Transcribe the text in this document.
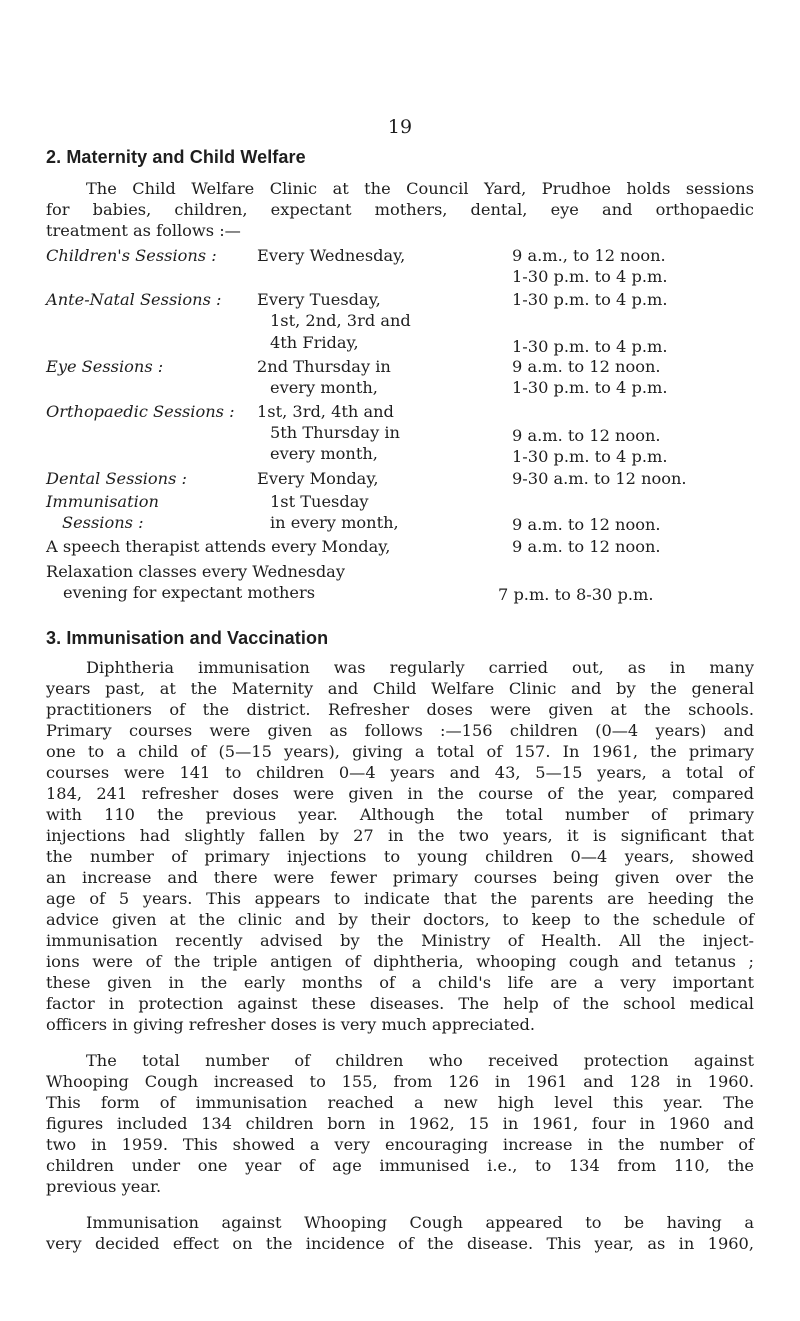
19
2. Maternity and Child Welfare
The Child Welfare Clinic at the Council Yard, Prudhoe holds sessions
for babies, children, expectant mothers, dental, eye and orthopaedic
treatment as follows :—
Children's Sessions : Every Wednesday,	9 a.m., to 12 noon.
1-30 p.m. to 4 p.m.
Ante-Natal Sessions : Every Tuesday,	1-30 p.m. to 4 p.m.
1st, 2nd, 3rd and
4th Friday,	1-30 p.m. to 4 p.m.
Eye Sessions :	2nd Thursday in	9 a.m. to 12 noon.
every month,	1-30 p.m. to 4 p.m.
Orthopaedic Sessions : 1st, 3rd, 4th and
5th Thursday in	9 a.m. to 12 noon.
every month,	1-30 p.m. to 4 p.m.
Dental Sessions :	Every Monday,	9-30 a.m. to 12 noon.
Immunisation	1st Tuesday
Sessions :	in every month,	9 a.m. to 12 noon.
A speech therapist attends every Monday,	9 a.m. to 12 noon.
Relaxation classes every Wednesday
evening for expectant mothers	7 p.m. to 8-30 p.m.
3. Immunisation and Vaccination
Diphtheria immunisation was regularly carried out, as in many
years past, at the Maternity and Child Welfare Clinic and by the general
practitioners of the district. Refresher doses were given at the schools.
Primary courses were given as follows :—156 children (0—4 years) and
one to a child of (5—15 years), giving a total of 157. In 1961, the primary
courses were 141 to children 0—4 years and 43, 5—15 years, a total of
184, 241 refresher doses were given in the course of the year, compared
with 110 the previous year. Although the total number of primary
injections had slightly fallen by 27 in the two years, it is significant that
the number of primary injections to young children 0—4 years, showed
an increase and there were fewer primary courses being given over the
age of 5 years. This appears to indicate that the parents are heeding the
advice given at the clinic and by their doctors, to keep to the schedule of
immunisation recently advised by the Ministry of Health. All the inject-
ions were of the triple antigen of diphtheria, whooping cough and tetanus ;
these given in the early months of a child's life are a very important
factor in protection against these diseases. The help of the school medical
officers in giving refresher doses is very much appreciated.
The total number of children who received protection against
Whooping Cough increased to 155, from 126 in 1961 and 128 in 1960.
This form of immunisation reached a new high level this year. The
figures included 134 children born in 1962, 15 in 1961, four in 1960 and
two in 1959. This showed a very encouraging increase in the number of
children under one year of age immunised i.e., to 134 from 110, the
previous year.
Immunisation against Whooping Cough appeared to be having a
very decided effect on the incidence of the disease. This year, as in 1960,
